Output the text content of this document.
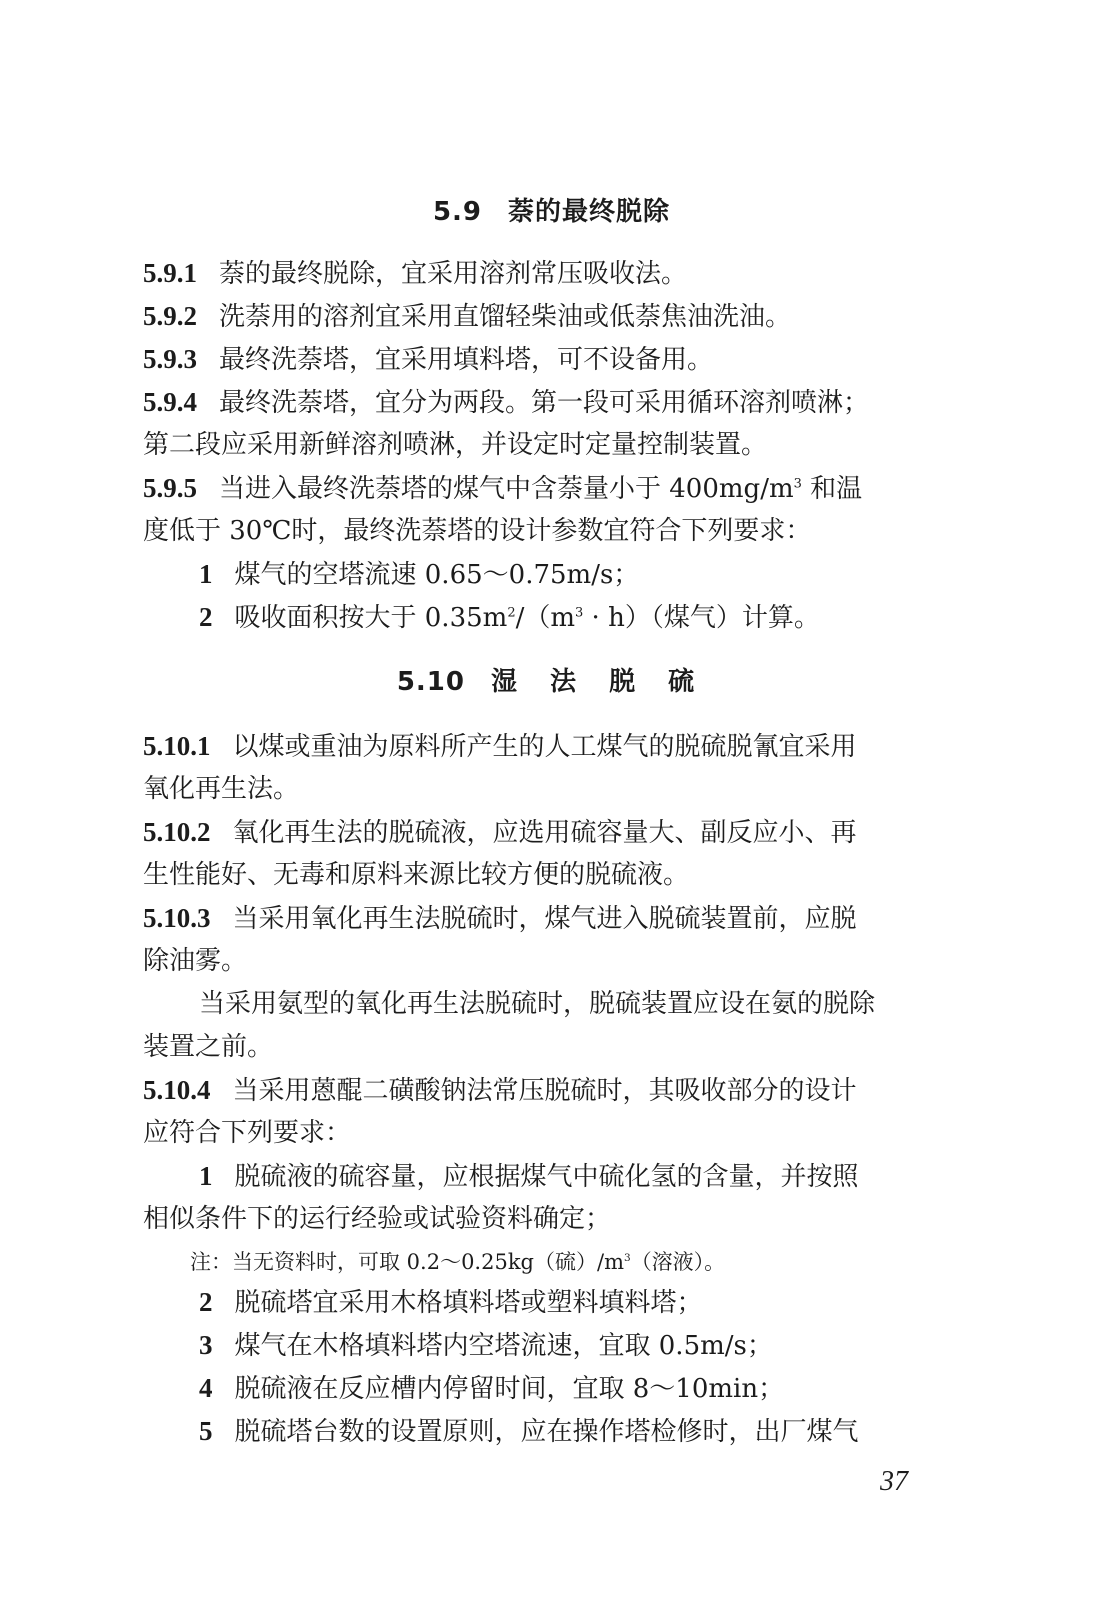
5.9 萘的最终脱除
5.9.1 萘的最终脱除，宜采用溶剂常压吸收法。
5.9.2 洗萘用的溶剂宜采用直馏轻柴油或低萘焦油洗油。
5.9.3 最终洗萘塔，宜采用填料塔，可不设备用。
5.9.4 最终洗萘塔，宜分为两段。第一段可采用循环溶剂喷淋；
第二段应采用新鲜溶剂喷淋，并设定时定量控制装置。
5.9.5 当进入最终洗萘塔的煤气中含萘量小于 $400mg/m^3$ 和温
度低于 30℃时，最终洗萘塔的设计参数宜符合下列要求：
1 煤气的空塔流速 0.65～0.75m/s；
2 吸收面积按大于 $0.35m^2/(m^3 \cdot h)$（煤气）计算。
5.10 湿 法 脱 硫
5.10.1 以煤或重油为原料所产生的人工煤气的脱硫脱氰宜采用
氧化再生法。
5.10.2 氧化再生法的脱硫液，应选用硫容量大、副反应小、再
生性能好、无毒和原料来源比较方便的脱硫液。
5.10.3 当采用氧化再生法脱硫时，煤气进入脱硫装置前，应脱
除油雾。
当采用氨型的氧化再生法脱硫时，脱硫装置应设在氨的脱除
装置之前。
5.10.4 当采用蒽醌二磺酸钠法常压脱硫时，其吸收部分的设计
应符合下列要求：
1 脱硫液的硫容量，应根据煤气中硫化氢的含量，并按照
相似条件下的运行经验或试验资料确定；
注：当无资料时，可取 0.2～0.25kg（硫）$/m^3$（溶液）。
2 脱硫塔宜采用木格填料塔或塑料填料塔；
3 煤气在木格填料塔内空塔流速，宜取 0.5m/s；
4 脱硫液在反应槽内停留时间，宜取 8～10min；
5 脱硫塔台数的设置原则，应在操作塔检修时，出厂煤气
37
